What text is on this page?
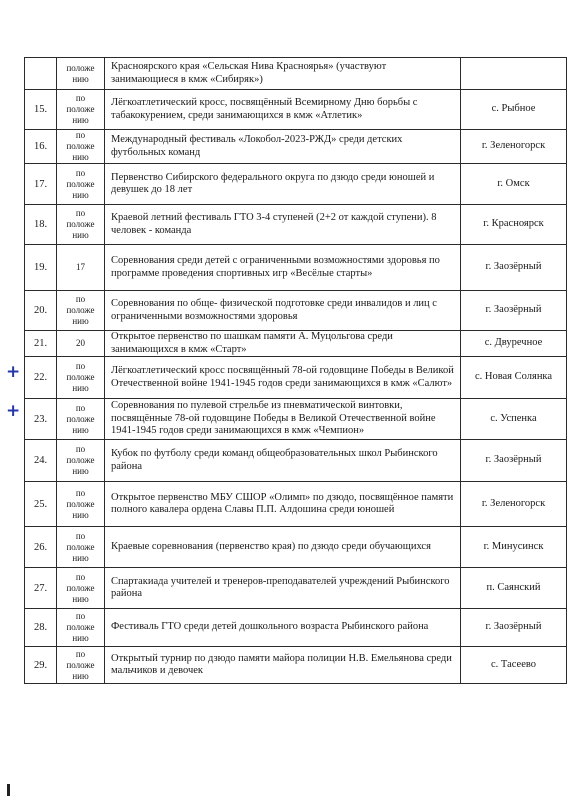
	положе
нию	Красноярского края «Сельская Нива Красноярья» (участвуют занимающиеся в кмж «Сибиряк»)	
15.	по
положе
нию	Лёгкоатлетический кросс, посвящённый Всемирному Дню борьбы с табакокурением, среди занимающихся в кмж «Атлетик»	с. Рыбное
16.	по
положе
нию	Международный фестиваль «Локобол-2023-РЖД» среди детских футбольных команд	г. Зеленогорск
17.	по
положе
нию	Первенство Сибирского федерального округа по дзюдо среди юношей и девушек до 18 лет	г. Омск
18.	по
положе
нию	Краевой летний фестиваль ГТО 3-4 ступеней (2+2 от каждой ступени). 8 человек - команда	г. Красноярск
19.	17	Соревнования среди детей с ограниченными возможностями здоровья по программе проведения спортивных игр «Весёлые старты»	г. Заозёрный
20.	по
положе
нию	Соревнования по обще- физической подготовке среди инвалидов и лиц с ограниченными возможностями здоровья	г. Заозёрный
21.	20	Открытое первенство по шашкам памяти А. Муцольгова среди занимающихся в кмж «Старт»	с. Двуречное
22.	по
положе
нию	Лёгкоатлетический кросс посвящённый 78-ой годовщине Победы в Великой Отечественной войне 1941-1945 годов среди занимающихся в кмж «Салют»	с. Новая Солянка
23.	по
положе
нию	Соревнования по пулевой стрельбе из пневматической винтовки, посвящённые 78-ой годовщине Победы в Великой Отечественной войне 1941-1945 годов среди занимающихся в кмж «Чемпион»	с. Успенка
24.	по
положе
нию	Кубок по футболу среди команд общеобразовательных школ Рыбинского района	г. Заозёрный
25.	по
положе
нию	Открытое первенство МБУ СШОР «Олимп» по дзюдо, посвящённое памяти полного кавалера ордена Славы П.П. Алдошина среди юношей	г. Зеленогорск
26.	по
положе
нию	Краевые соревнования (первенство края) по дзюдо среди обучающихся	г. Минусинск
27.	по
положе
нию	Спартакиада учителей и тренеров-преподавателей учреждений Рыбинского района	п. Саянский
28.	по
положе
нию	Фестиваль ГТО среди детей дошкольного возраста Рыбинского района	г. Заозёрный
29.	по
положе
нию	Открытый турнир по дзюдо памяти майора полиции Н.В. Емельянова среди мальчиков и девочек	с. Тасеево
+
+
